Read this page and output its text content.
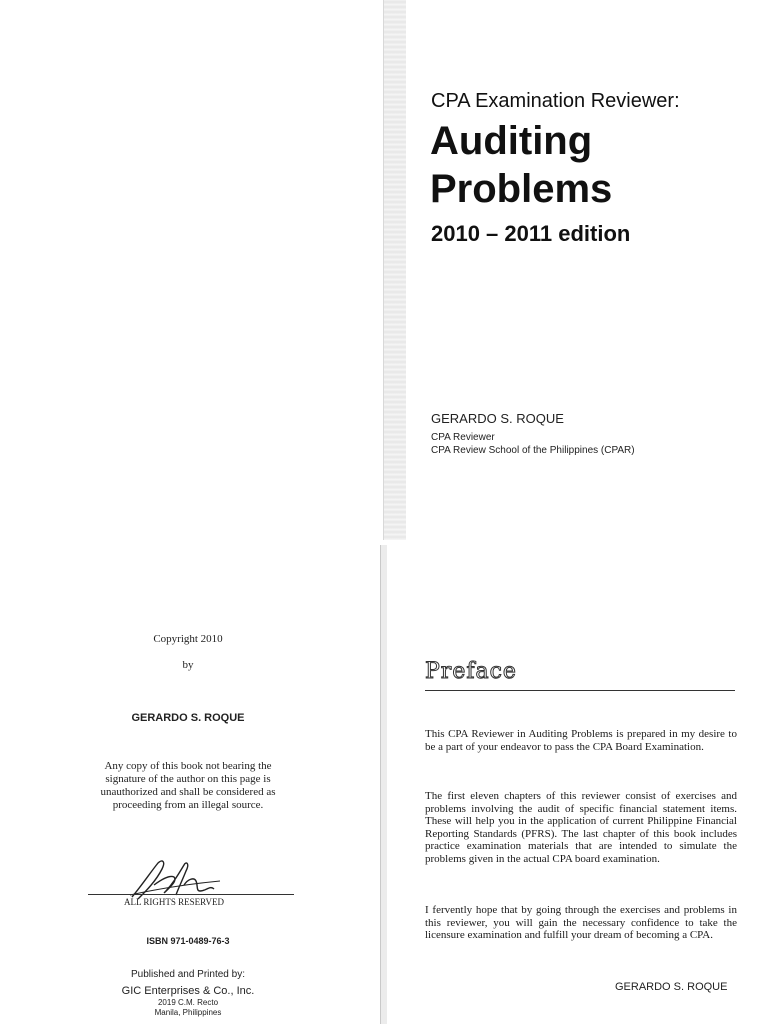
CPA Examination Reviewer:
Auditing
Problems
2010 – 2011 edition
GERARDO S. ROQUE
CPA Reviewer
CPA Review School of the Philippines (CPAR)
Preface
This CPA Reviewer in Auditing Problems is prepared in my desire to be a part of your endeavor to pass the CPA Board Examination.
The first eleven chapters of this reviewer consist of exercises and problems involving the audit of specific financial statement items. These will help you in the application of current Philippine Financial Reporting Standards (PFRS). The last chapter of this book includes practice examination materials that are intended to simulate the problems given in the actual CPA board examination.
I fervently hope that by going through the exercises and problems in this reviewer, you will gain the necessary confidence to take the licensure examination and fulfill your dream of becoming a CPA.
GERARDO S. ROQUE
Copyright 2010
by
GERARDO S. ROQUE
Any copy of this book not bearing the signature of the author on this page is unauthorized and shall be considered as proceeding from an illegal source.
ALL RIGHTS RESERVED
ISBN 971-0489-76-3
Published and Printed by:
GIC Enterprises & Co., Inc.
2019 C.M. Recto
Manila, Philippines
